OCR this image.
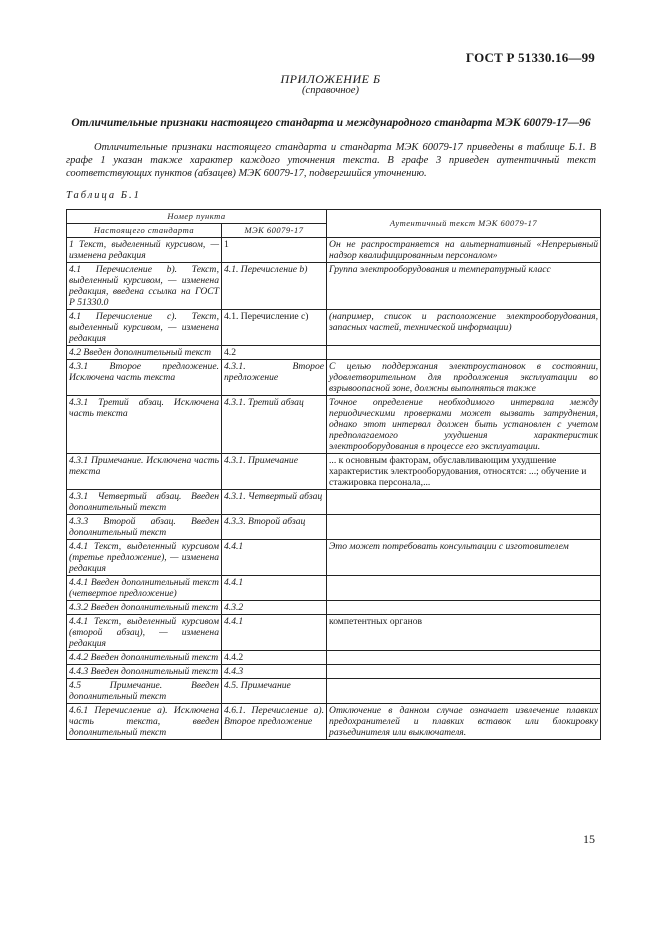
ГОСТ Р 51330.16—99
ПРИЛОЖЕНИЕ Б
(справочное)
Отличительные признаки настоящего стандарта и международного стандарта МЭК 60079-17—96
Отличительные признаки настоящего стандарта и стандарта МЭК 60079-17 приведены в таблице Б.1. В графе 1 указан также характер каждого уточнения текста. В графе 3 приведен аутентичный текст соответствующих пунктов (абзацев) МЭК 60079-17, подвергшийся уточнению.
Таблица Б.1
Номер пункта		Аутентичный текст МЭК 60079-17
Настоящего стандарта	МЭК 60079-17	
1 Текст, выделенный курсивом, — изменена редакция	1	Он не распространяется на альтернативный «Непрерывный надзор квалифицированным персоналом»
4.1 Перечисление b). Текст, выделенный курсивом, — изменена редакция, введена ссылка на ГОСТ Р 51330.0	4.1. Перечисление b)	Группа электрооборудования и температурный класс
4.1 Перечисление с). Текст, выделенный курсивом, — изменена редакция	4.1. Перечисление с)	(например, список и расположение электрооборудования, запасных частей, технической информации)
4.2 Введен дополнительный текст	4.2	
4.3.1 Второе предложение. Исключена часть текста	4.3.1. Второе предложение	С целью поддержания электроустановок в состоянии, удовлетворительном для продолжения эксплуатации во взрывоопасной зоне, должны выполняться также
4.3.1 Третий абзац. Исключена часть текста	4.3.1. Третий абзац	Точное определение необходимого интервала между периодическими проверками может вызвать затруднения, однако этот интервал должен быть установлен с учетом предполагаемого ухудшения характеристик электрооборудования в процессе его эксплуатации.
4.3.1 Примечание. Исключена часть текста	4.3.1. Примечание	... к основным факторам, обуславливающим ухудшение характеристик электрооборудования, относятся: ...; обучение и стажировка персонала,...
4.3.1 Четвертый абзац. Введен дополнительный текст	4.3.1. Четвертый абзац	
4.3.3 Второй абзац. Введен дополнительный текст	4.3.3. Второй абзац	
4.4.1 Текст, выделенный курсивом (третье предложение), — изменена редакция	4.4.1	Это может потребовать консультации с изготовителем
4.4.1 Введен дополнительный текст (четвертое предложение)	4.4.1	
4.3.2 Введен дополнительный текст	4.3.2	
4.4.1 Текст, выделенный курсивом (второй абзац), — изменена редакция	4.4.1	компетентных органов
4.4.2 Введен дополнительный текст	4.4.2	
4.4.3 Введен дополнительный текст	4.4.3	
4.5 Примечание. Введен дополнительный текст	4.5. Примечание	
4.6.1 Перечисление а). Исключена часть текста, введен дополнительный текст	4.6.1. Перечисление а). Второе предложение	Отключение в данном случае означает извлечение плавких предохранителей и плавких вставок или блокировку разъединителя или выключателя.
15
